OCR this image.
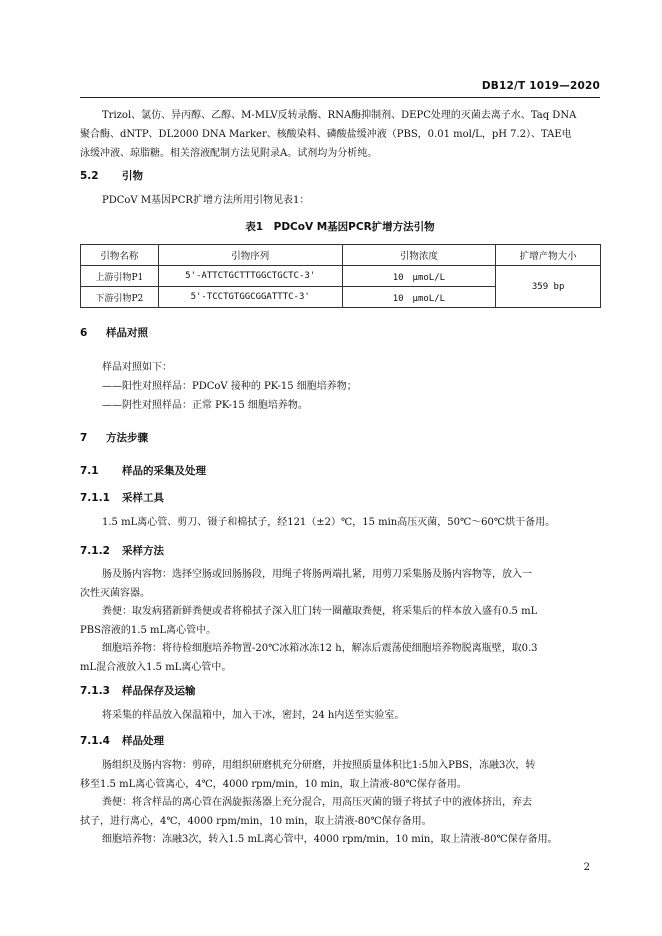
DB12/T 1019—2020

Trizol、氯仿、异丙醇、乙醇、M-MLV反转录酶、RNA酶抑制剂、DEPC处理的灭菌去离子水、Taq DNA

聚合酶、dNTP、DL2000 DNA Marker、核酸染料、磷酸盐缓冲液（PBS，0.01 mol/L，pH 7.2）、TAE电

泳缓冲液、琼脂糖。相关溶液配制方法见附录A。试剂均为分析纯。

5.2 引物

PDCoV M基因PCR扩增方法所用引物见表1：

表1　PDCoV M基因PCR扩增方法引物
引物名称	引物序列	引物浓度	扩增产物大小
上游引物P1	5'-ATTCTGCTTTGGCTGCTC-3'	10　μmoL/L	359 bp
下游引物P2	5'-TCCTGTGGCGGATTTC-3'	10　μmoL/L	
6 样品对照

样品对照如下：

——阳性对照样品：PDCoV 接种的 PK-15 细胞培养物；

——阴性对照样品：正常 PK-15 细胞培养物。

7 方法步骤
7.1 样品的采集及处理
7.1.1 采样工具

1.5 mL离心管、剪刀、镊子和棉拭子，经121（±2）℃，15 min高压灭菌，50℃～60℃烘干备用。

7.1.2 采样方法

肠及肠内容物：选择空肠或回肠肠段，用绳子将肠两端扎紧，用剪刀采集肠及肠内容物等，放入一

次性灭菌容器。

粪便：取发病猪新鲜粪便或者将棉拭子深入肛门转一圈蘸取粪便，将采集后的样本放入盛有0.5 mL

PBS溶液的1.5 mL离心管中。

细胞培养物：将待检细胞培养物置-20℃冰箱冰冻12 h，解冻后震荡使细胞培养物脱离瓶壁，取0.3

mL混合液放入1.5 mL离心管中。

7.1.3 样品保存及运输

将采集的样品放入保温箱中，加入干冰，密封，24 h内送至实验室。

7.1.4 样品处理

肠组织及肠内容物：剪碎，用组织研磨机充分研磨，并按照质量体积比1:5加入PBS，冻融3次，转

移至1.5 mL离心管离心，4℃，4000 rpm/min，10 min，取上清液-80℃保存备用。

粪便：将含样品的离心管在涡旋振荡器上充分混合，用高压灭菌的镊子将拭子中的液体挤出，弃去

拭子，进行离心，4℃，4000 rpm/min，10 min，取上清液-80℃保存备用。

细胞培养物：冻融3次，转入1.5 mL离心管中，4000 rpm/min，10 min，取上清液-80℃保存备用。

2
